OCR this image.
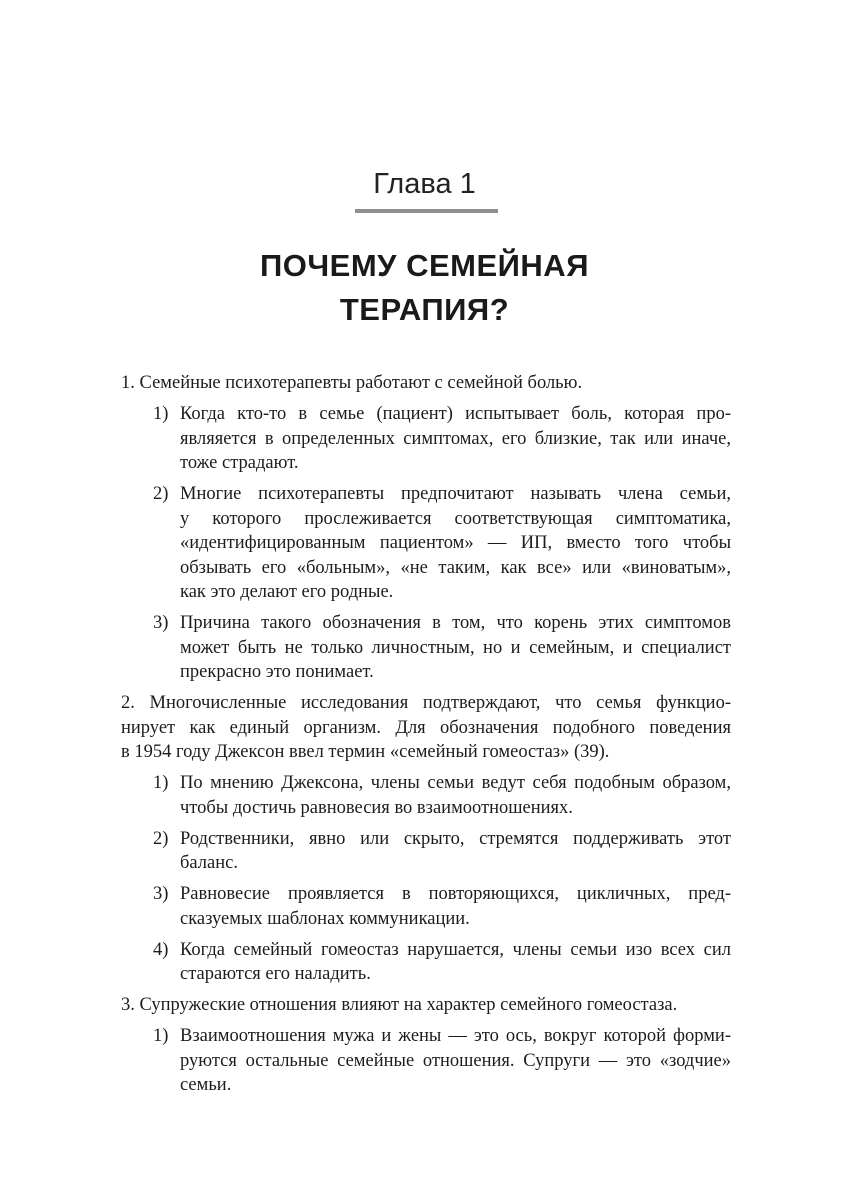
Глава 1
ПОЧЕМУ СЕМЕЙНАЯ
ТЕРАПИЯ?
1. Семейные психотерапевты работают с семейной болью.
1) Когда кто-то в семье (пациент) испытывает боль, которая про-
являяется в определенных симптомах, его близкие, так или иначе,
тоже страдают.
2) Многие психотерапевты предпочитают называть члена семьи,
у которого прослеживается соответствующая симптоматика,
«идентифицированным пациентом» — ИП, вместо того чтобы
обзывать его «больным», «не таким, как все» или «виноватым»,
как это делают его родные.
3) Причина такого обозначения в том, что корень этих симптомов
может быть не только личностным, но и семейным, и специалист
прекрасно это понимает.
2. Многочисленные исследования подтверждают, что семья функцио-
нирует как единый организм. Для обозначения подобного поведения
в 1954 году Джексон ввел термин «семейный гомеостаз» (39).
1) По мнению Джексона, члены семьи ведут себя подобным образом,
чтобы достичь равновесия во взаимоотношениях.
2) Родственники, явно или скрыто, стремятся поддерживать этот
баланс.
3) Равновесие проявляется в повторяющихся, цикличных, пред-
сказуемых шаблонах коммуникации.
4) Когда семейный гомеостаз нарушается, члены семьи изо всех сил
стараются его наладить.
3. Супружеские отношения влияют на характер семейного гомеостаза.
1) Взаимоотношения мужа и жены — это ось, вокруг которой форми-
руются остальные семейные отношения. Супруги — это «зодчие»
семьи.
